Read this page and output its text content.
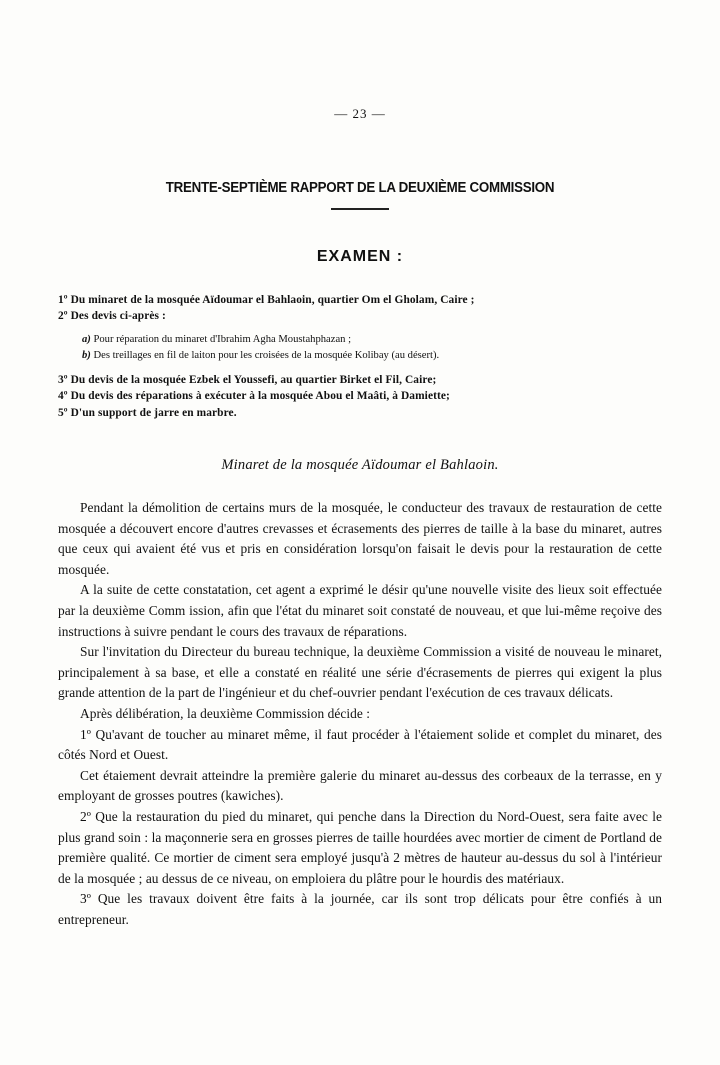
— 23 —
TRENTE-SEPTIÈME RAPPORT DE LA DEUXIÈME COMMISSION
EXAMEN :
1º Du minaret de la mosquée Aïdoumar el Bahlaoin, quartier Om el Gholam, Caire ;
2º Des devis ci-après :
a) Pour réparation du minaret d'Ibrahim Agha Moustahphazan ;
b) Des treillages en fil de laiton pour les croisées de la mosquée Kolibay (au désert).
3º Du devis de la mosquée Ezbek el Youssefi, au quartier Birket el Fil, Caire;
4º Du devis des réparations à exécuter à la mosquée Abou el Maâti, à Damiette;
5º D'un support de jarre en marbre.
Minaret de la mosquée Aïdoumar el Bahlaoin.

Pendant la démolition de certains murs de la mosquée, le conducteur des travaux de restauration de cette mosquée a découvert encore d'autres crevasses et écrasements des pierres de taille à la base du minaret, autres que ceux qui avaient été vus et pris en considération lorsqu'on faisait le devis pour la restauration de cette mosquée.

A la suite de cette constatation, cet agent a exprimé le désir qu'une nouvelle visite des lieux soit effectuée par la deuxième Comm ission, afin que l'état du minaret soit constaté de nouveau, et que lui-même reçoive des instructions à suivre pendant le cours des travaux de réparations.

Sur l'invitation du Directeur du bureau technique, la deuxième Commission a visité de nouveau le minaret, principalement à sa base, et elle a constaté en réalité une série d'écrasements de pierres qui exigent la plus grande attention de la part de l'ingénieur et du chef-ouvrier pendant l'exécution de ces travaux délicats.

Après délibération, la deuxième Commission décide :

1º Qu'avant de toucher au minaret même, il faut procéder à l'étaiement solide et complet du minaret, des côtés Nord et Ouest.

Cet étaiement devrait atteindre la première galerie du minaret au-dessus des corbeaux de la terrasse, en y employant de grosses poutres (kawiches).

2º Que la restauration du pied du minaret, qui penche dans la Direction du Nord-Ouest, sera faite avec le plus grand soin : la maçonnerie sera en grosses pierres de taille hourdées avec mortier de ciment de Portland de première qualité. Ce mortier de ciment sera employé jusqu'à 2 mètres de hauteur au-dessus du sol à l'intérieur de la mosquée ; au dessus de ce niveau, on emploiera du plâtre pour le hourdis des matériaux.

3º Que les travaux doivent être faits à la journée, car ils sont trop délicats pour être confiés à un entrepreneur.
